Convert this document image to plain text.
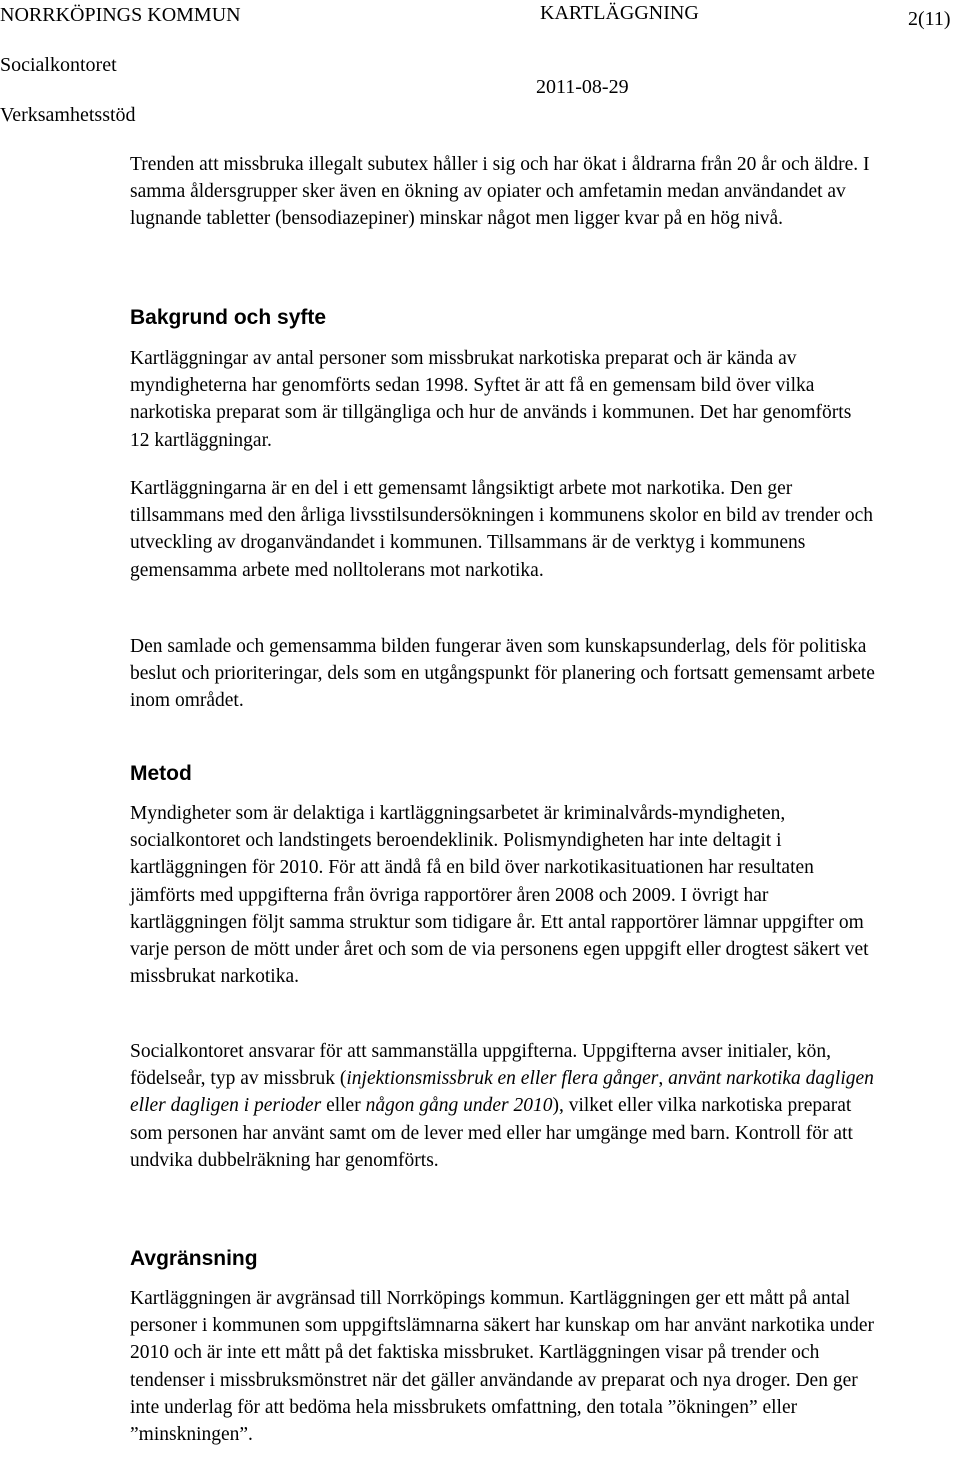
NORRKÖPINGS KOMMUN	KARTLÄGGNING	2(11)
Socialkontoret
2011-08-29
Verksamhetsstöd

Trenden att missbruka illegalt subutex håller i sig och har ökat i åldrarna från 20 år och äldre. I samma åldersgrupper sker även en ökning av opiater och amfetamin medan användandet av lugnande tabletter (bensodiazepiner) minskar något men ligger kvar på en hög nivå.

Bakgrund och syfte

Kartläggningar av antal personer som missbrukat narkotiska preparat och är kända av myndigheterna har genomförts sedan 1998. Syftet är att få en gemensam bild över vilka narkotiska preparat som är tillgängliga och hur de används i kommunen. Det har genomförts 12 kartläggningar.

Kartläggningarna är en del i ett gemensamt långsiktigt arbete mot narkotika. Den ger tillsammans med den årliga livsstilsundersökningen i kommunens skolor en bild av trender och utveckling av droganvändandet i kommunen. Tillsammans är de verktyg i kommunens gemensamma arbete med nolltolerans mot narkotika.

Den samlade och gemensamma bilden fungerar även som kunskapsunderlag, dels för politiska beslut och prioriteringar, dels som en utgångspunkt för planering och fortsatt gemensamt arbete inom området.

Metod

Myndigheter som är delaktiga i kartläggningsarbetet är kriminalvårds-myndigheten, socialkontoret och landstingets beroendeklinik. Polismyndigheten har inte deltagit i kartläggningen för 2010. För att ändå få en bild över narkotikasituationen har resultaten jämförts med uppgifterna från övriga rapportörer åren 2008 och 2009. I övrigt har kartläggningen följt samma struktur som tidigare år. Ett antal rapportörer lämnar uppgifter om varje person de mött under året och som de via personens egen uppgift eller drogtest säkert vet missbrukat narkotika.

Socialkontoret ansvarar för att sammanställa uppgifterna. Uppgifterna avser initialer, kön, födelseår, typ av missbruk (injektionsmissbruk en eller flera gånger, använt narkotika dagligen eller dagligen i perioder eller någon gång under 2010), vilket eller vilka narkotiska preparat som personen har använt samt om de lever med eller har umgänge med barn. Kontroll för att undvika dubbelräkning har genomförts.

Avgränsning

Kartläggningen är avgränsad till Norrköpings kommun. Kartläggningen ger ett mått på antal personer i kommunen som uppgiftslämnarna säkert har kunskap om har använt narkotika under 2010 och är inte ett mått på det faktiska missbruket. Kartläggningen visar på trender och tendenser i missbruksmönstret när det gäller användande av preparat och nya droger. Den ger inte underlag för att bedöma hela missbrukets omfattning, den totala ”ökningen” eller ”minskningen”.
